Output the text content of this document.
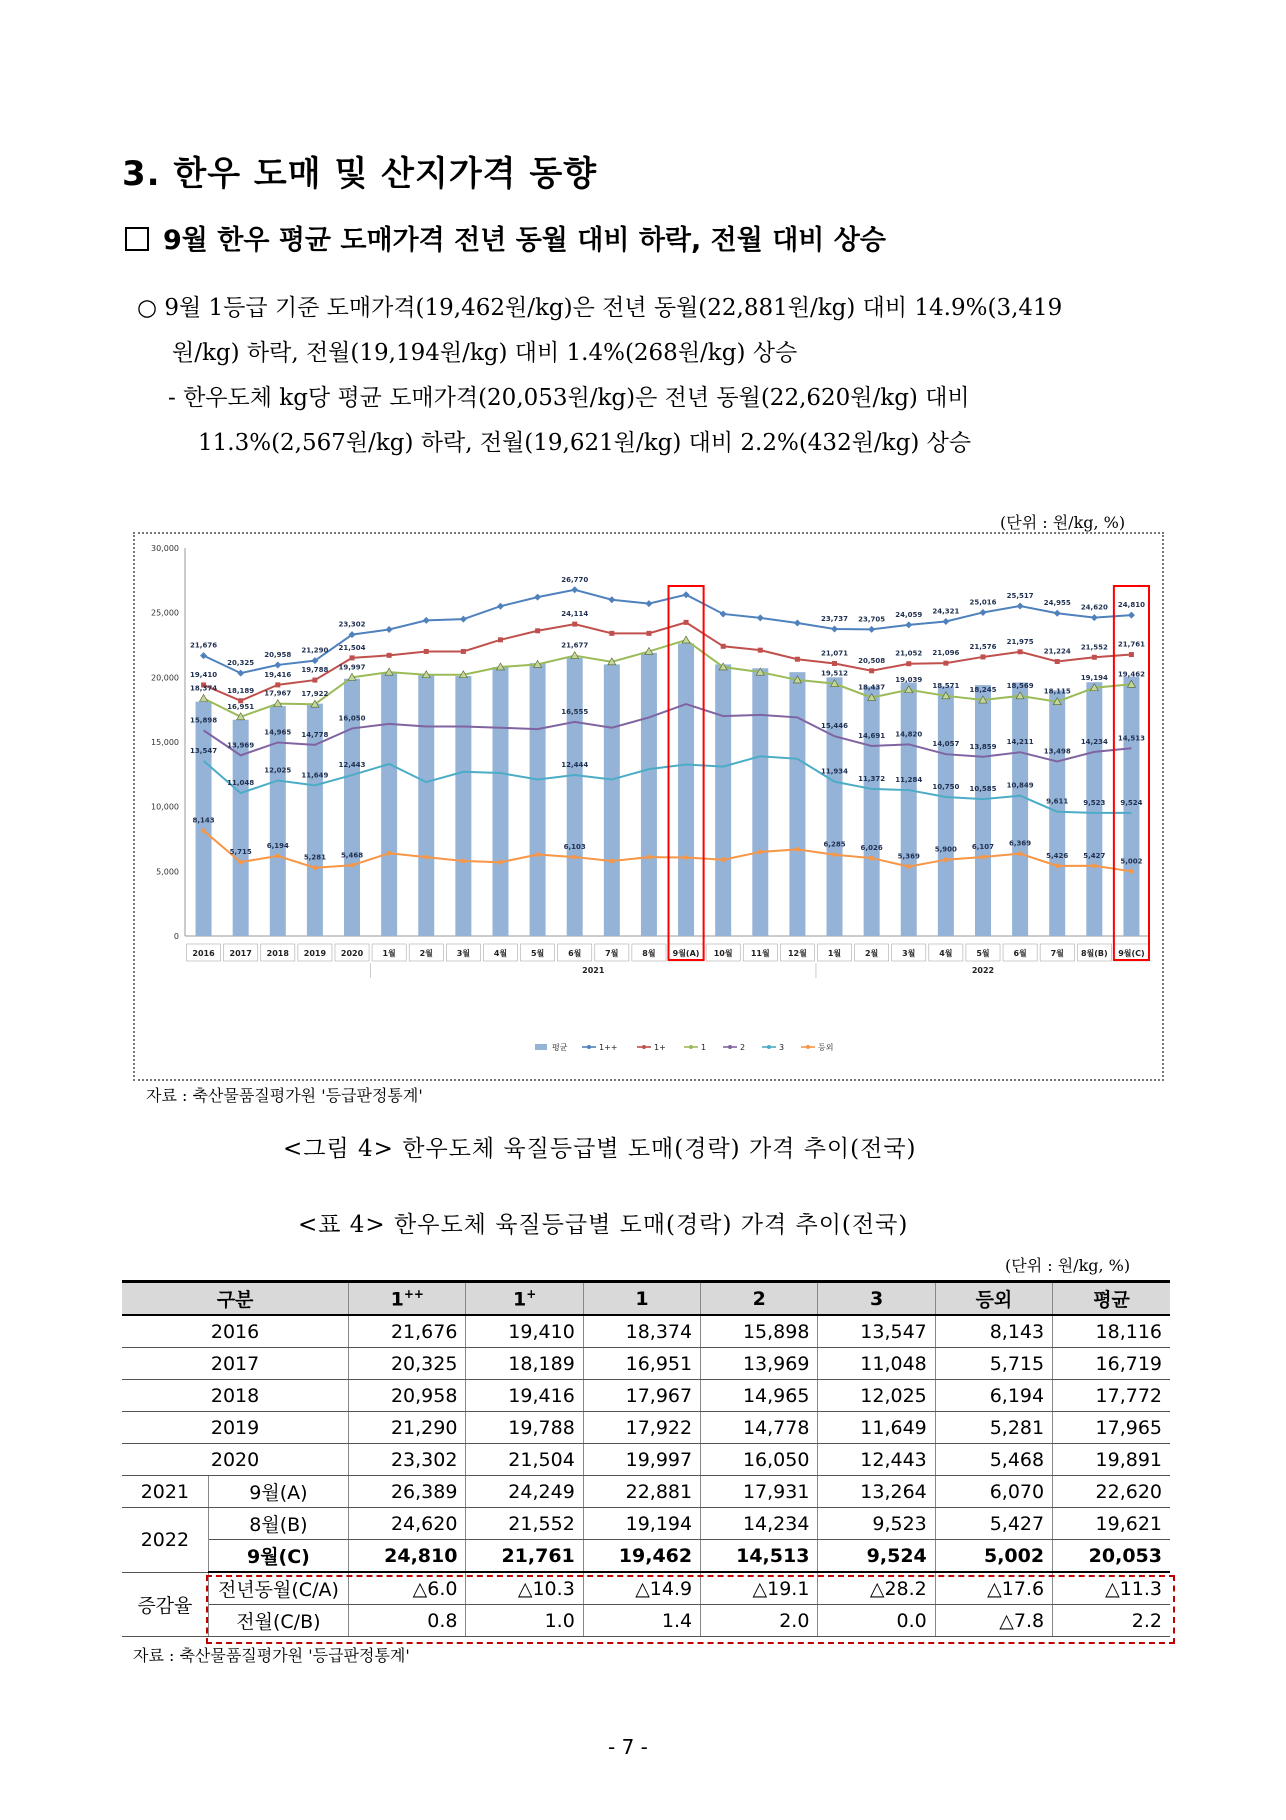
3. 한우 도매 및 산지가격 동향
9월 한우 평균 도매가격 전년 동월 대비 하락, 전월 대비 상승
○ 9월 1등급 기준 도매가격(19,462원/kg)은 전년 동월(22,881원/kg) 대비 14.9%(3,419
원/kg) 하락, 전월(19,194원/kg) 대비 1.4%(268원/kg) 상승
- 한우도체 kg당 평균 도매가격(20,053원/kg)은 전년 동월(22,620원/kg) 대비
11.3%(2,567원/kg) 하락, 전월(19,621원/kg) 대비 2.2%(432원/kg) 상승
(단위 : 원/kg, %)
0
5,000
10,000
15,000
20,000
25,000
30,000
2016 2017 2018 2019 2020 1월	2월	3월	4월	5월	6월	7월	8월 9월(A) 10월 11월 12월	1월	2월	3월	4월	5월	6월	7월 8월(B) 9월(C)
2021	2022
21,676
20,325
20,958
21,290
23,302
26,770
23,737 23,705
24,059 24,321
25,016
25,517
24,955
24,620 24,810
19,410
18,189
19,416
19,788
21,504
24,114
21,071
20,508
21,052 21,096
21,576
21,975
21,224
21,552 21,761
18,374
16,951
17,967 17,922
19,997
21,677
19,512
18,437
19,039
18,571
18,245
18,569
18,115
19,194 19,462
15,898
13,969
14,965 14,778
16,050
16,555
15,446
14,691 14,820
14,057 13,859
14,211
13,498
14,234 14,513
13,547
11,048
12,025
11,649
12,443	12,444
11,934
11,372 11,284
10,750 10,585 10,849
9,611 9,523 9,524
8,143
5,715
6,194
5,281 5,468
6,103	6,285 6,026
5,369
5,900 6,107 6,369
5,426 5,427
5,002
평균	1++	1+	1	2	3	등외
자료 : 축산물품질평가원 '등급판정통계'
<그림 4> 한우도체 육질등급별 도매(경락) 가격 추이(전국)
<표 4> 한우도체 육질등급별 도매(경락) 가격 추이(전국)
(단위 : 원/kg, %)
구분		1++	1+	1	2	3	등외	평균
2016		21,676	19,410	18,374	15,898	13,547	8,143	18,116
2017		20,325	18,189	16,951	13,969	11,048	5,715	16,719
2018		20,958	19,416	17,967	14,965	12,025	6,194	17,772
2019		21,290	19,788	17,922	14,778	11,649	5,281	17,965
2020		23,302	21,504	19,997	16,050	12,443	5,468	19,891
2021	9월(A)	26,389	24,249	22,881	17,931	13,264	6,070	22,620
2022	8월(B)	24,620	21,552	19,194	14,234	9,523	5,427	19,621
	9월(C)	24,810	21,761	19,462	14,513	9,524	5,002	20,053
증감율	전년동월(C/A)	△6.0	△10.3	△14.9	△19.1	△28.2	△17.6	△11.3
	전월(C/B)	0.8	1.0	1.4	2.0	0.0	△7.8	2.2
자료 : 축산물품질평가원 '등급판정통계'
- 7 -
